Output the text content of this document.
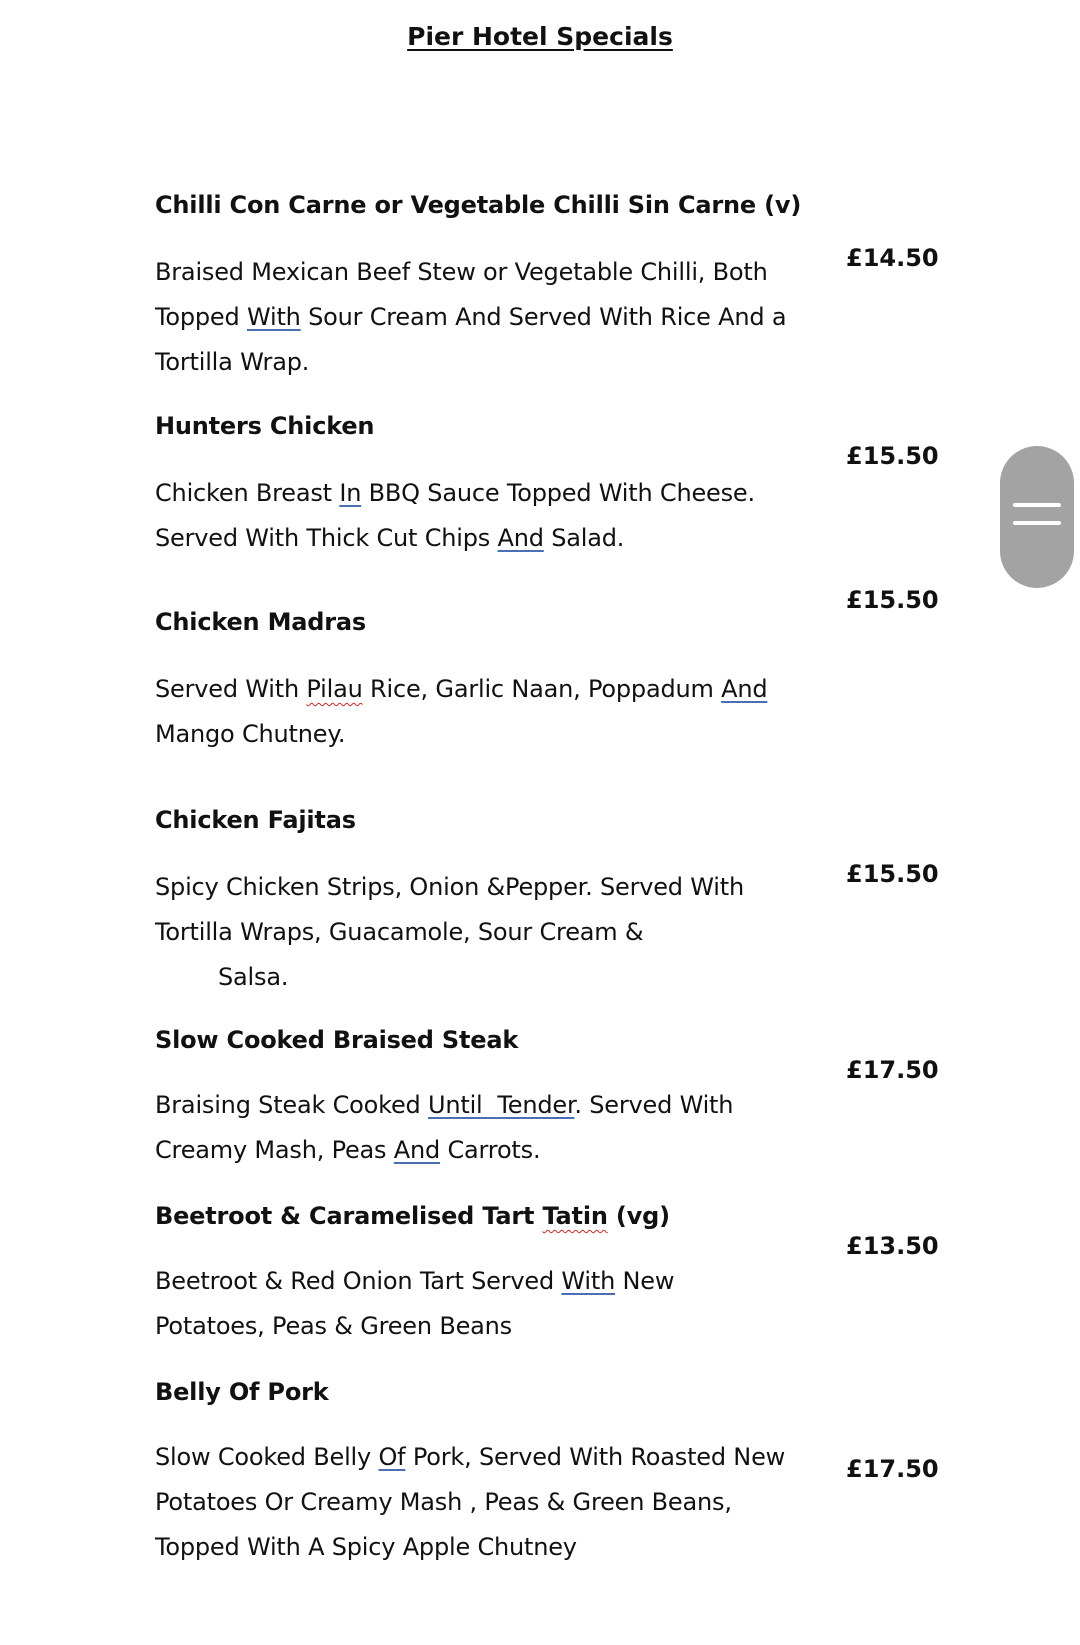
Pier Hotel Specials
Chilli Con Carne or Vegetable Chilli Sin Carne (v)
Braised Mexican Beef Stew or Vegetable Chilli, Both
Topped With Sour Cream And Served With Rice And a
Tortilla Wrap.
£14.50
Hunters Chicken
Chicken Breast In BBQ Sauce Topped With Cheese.
Served With Thick Cut Chips And Salad.
£15.50
Chicken Madras
Served With Pilau Rice, Garlic Naan, Poppadum And
Mango Chutney.
£15.50
Chicken Fajitas
Spicy Chicken Strips, Onion &Pepper. Served With
Tortilla Wraps, Guacamole, Sour Cream &
Salsa.
£15.50
Slow Cooked Braised Steak
Braising Steak Cooked Until  Tender. Served With
Creamy Mash, Peas And Carrots.
£17.50
Beetroot & Caramelised Tart Tatin (vg)
Beetroot & Red Onion Tart Served With New
Potatoes, Peas & Green Beans
£13.50
Belly Of Pork
Slow Cooked Belly Of Pork, Served With Roasted New
Potatoes Or Creamy Mash , Peas & Green Beans,
Topped With A Spicy Apple Chutney
£17.50
